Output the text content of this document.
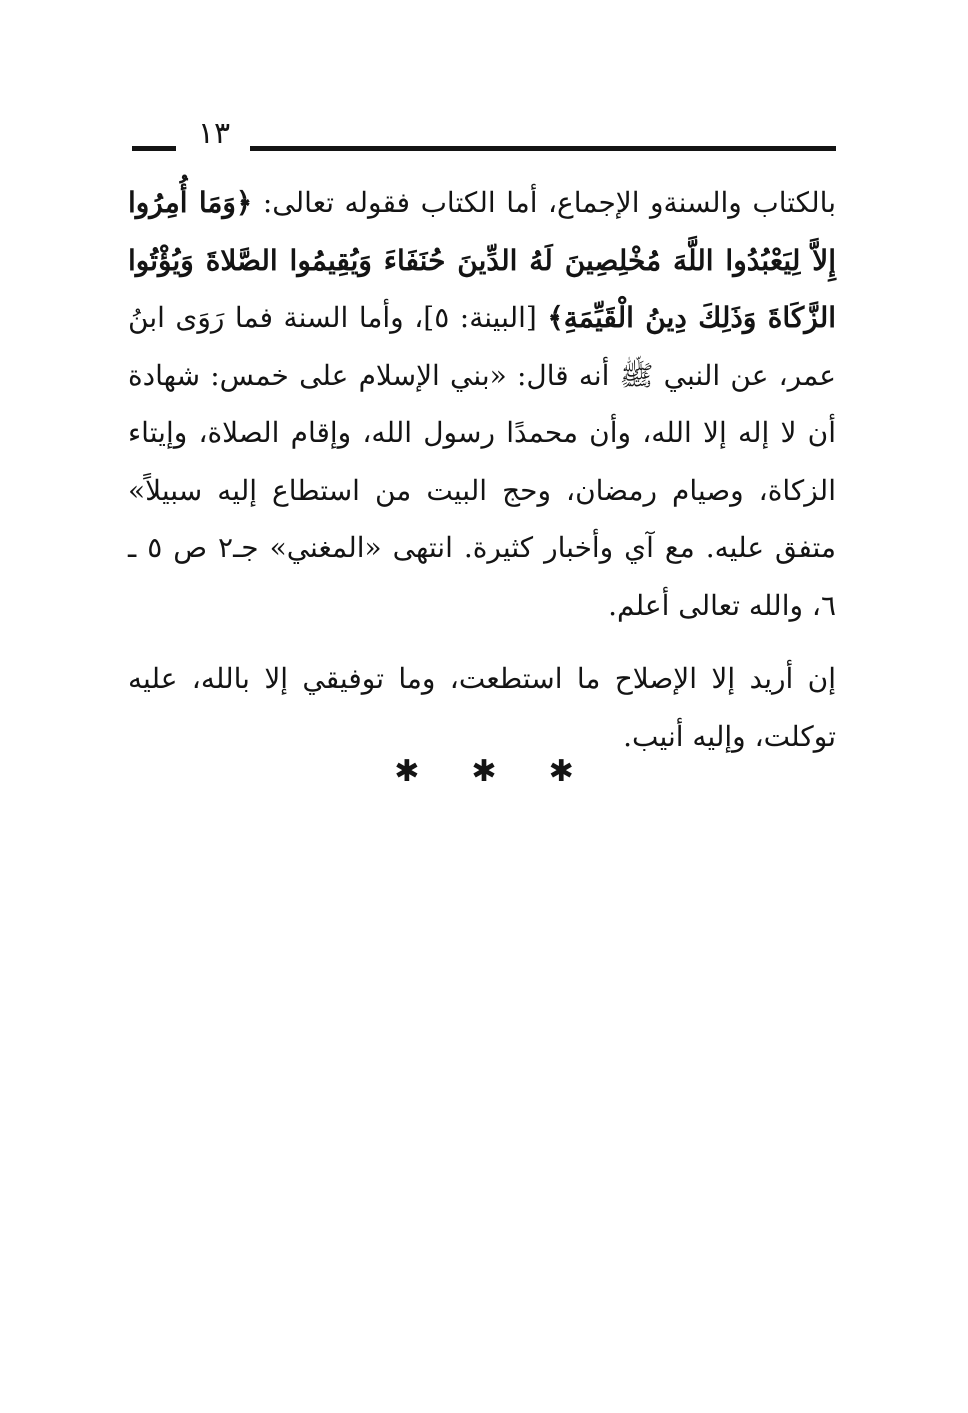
١٣

بالكتاب والسنةو الإجماع، أما الكتاب فقوله تعالى: ﴿وَمَا أُمِرُوا إِلاَّ لِيَعْبُدُوا اللَّهَ مُخْلِصِينَ لَهُ الدِّينَ حُنَفَاءَ وَيُقِيمُوا الصَّلاةَ وَيُؤْتُوا الزَّكَاةَ وَذَلِكَ دِينُ الْقَيِّمَةِ﴾ [البينة: ٥]، وأما السنة فما رَوَى ابنُ عمر، عن النبي ﷺ أنه قال: «بني الإسلام على خمس: شهادة أن لا إله إلا الله، وأن محمدًا رسول الله، وإقام الصلاة، وإيتاء الزكاة، وصيام رمضان، وحج البيت من استطاع إليه سبيلاً» متفق عليه. مع آي وأخبار كثيرة. انتهى «المغني» جـ٢ ص ٥ ـ ٦، والله تعالى أعلم.

إن أريد إلا الإصلاح ما استطعت، وما توفيقي إلا بالله، عليه توكلت، وإليه أنيب.

✱ ✱ ✱
